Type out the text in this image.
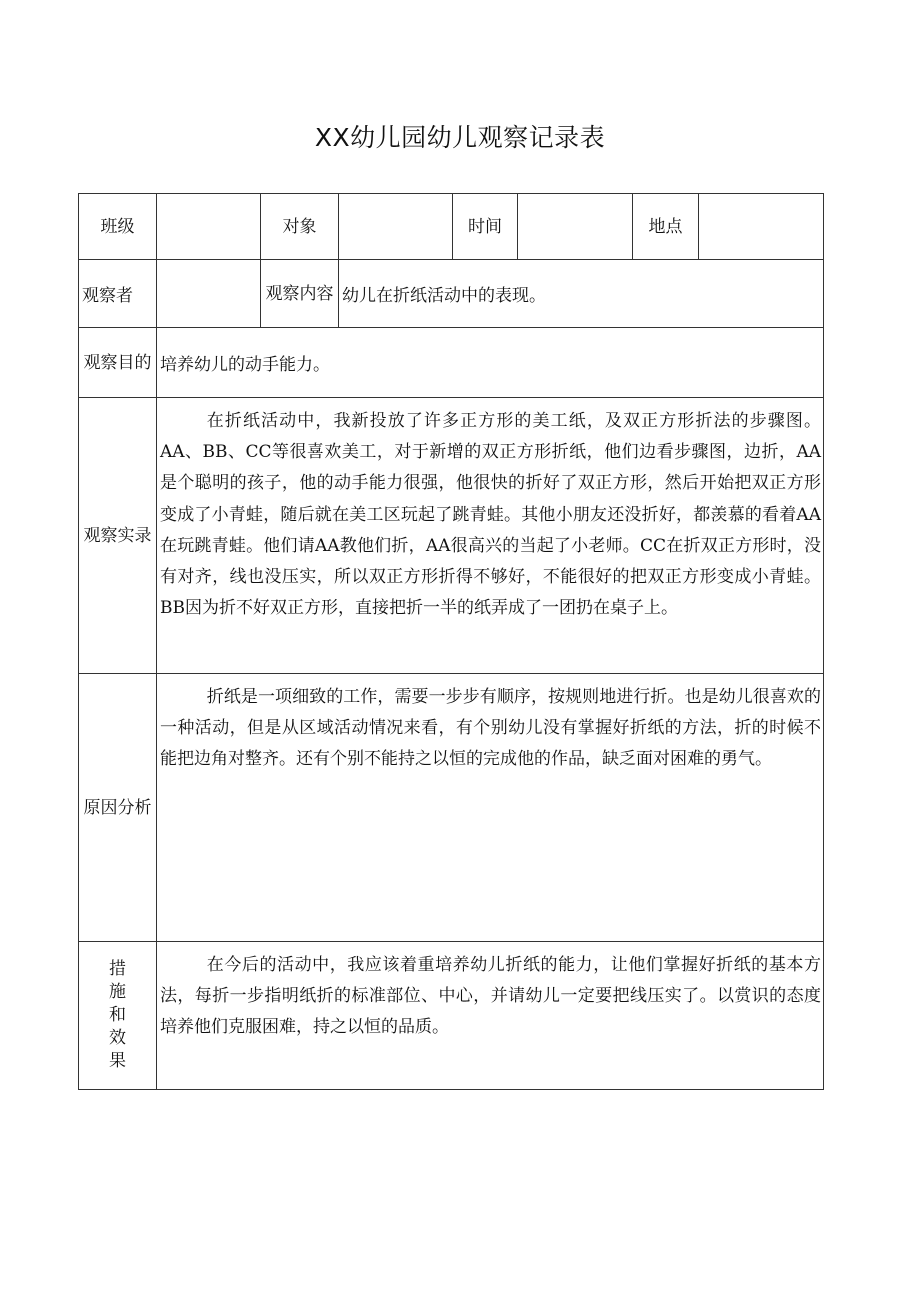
XX幼儿园幼儿观察记录表
班级		对象		时间		地点	
观察者		观察内容	幼儿在折纸活动中的表现。				
观察目的	培养幼儿的动手能力。						
观察实录	在折纸活动中，我新投放了许多正方形的美工纸，及双正方形折法的步骤图。AA、BB、CC等很喜欢美工，对于新增的双正方形折纸，他们边看步骤图，边折，AA是个聪明的孩子，他的动手能力很强，他很快的折好了双正方形，然后开始把双正方形变成了小青蛙，随后就在美工区玩起了跳青蛙。其他小朋友还没折好，都羡慕的看着AA在玩跳青蛙。他们请AA教他们折，AA很高兴的当起了小老师。CC在折双正方形时，没有对齐，线也没压实，所以双正方形折得不够好，不能很好的把双正方形变成小青蛙。BB因为折不好双正方形，直接把折一半的纸弄成了一团扔在桌子上。						
原因分析	折纸是一项细致的工作，需要一步步有顺序，按规则地进行折。也是幼儿很喜欢的一种活动，但是从区域活动情况来看，有个别幼儿没有掌握好折纸的方法，折的时候不能把边角对整齐。还有个别不能持之以恒的完成他的作品，缺乏面对困难的勇气。						
措施和效果	在今后的活动中，我应该着重培养幼儿折纸的能力，让他们掌握好折纸的基本方法，每折一步指明纸折的标准部位、中心，并请幼儿一定要把线压实了。以赏识的态度培养他们克服困难，持之以恒的品质。						
